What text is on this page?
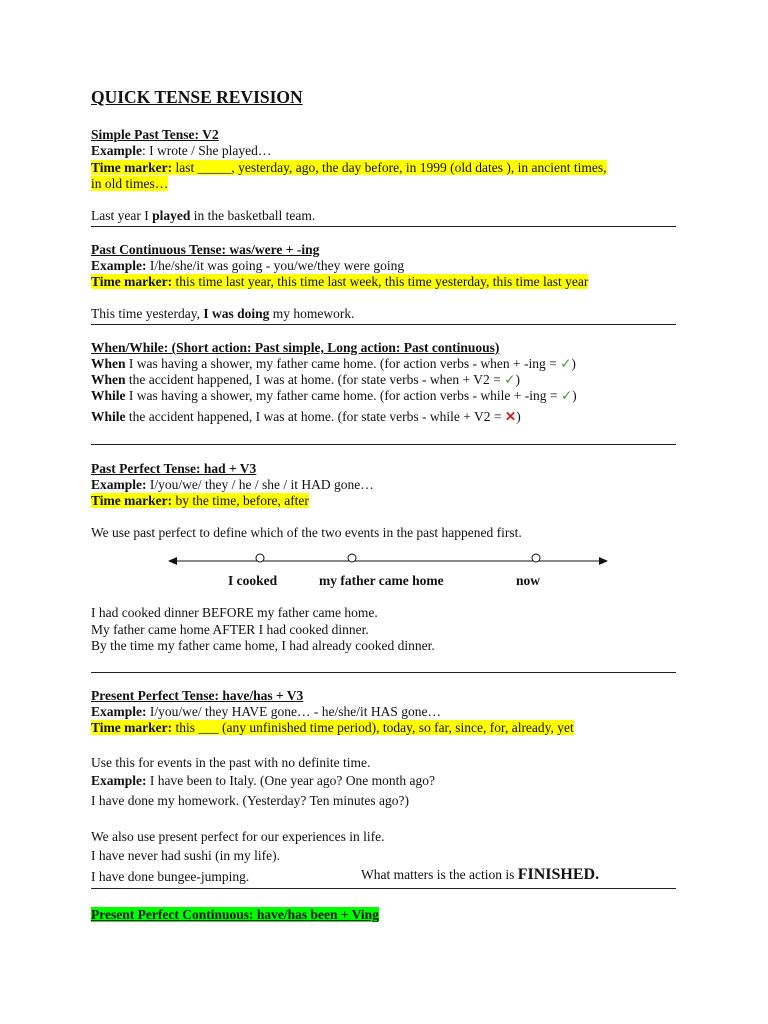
QUICK TENSE REVISION
Simple Past Tense: V2
Example: I wrote / She played…
Time marker: last _____, yesterday, ago, the day before, in 1999 (old dates ), in ancient times,
in old times…
Last year I played in the basketball team.
Past Continuous Tense: was/were + -ing
Example: I/he/she/it was going - you/we/they were going
Time marker: this time last year, this time last week, this time yesterday, this time last year
This time yesterday, I was doing my homework.
When/While: (Short action: Past simple, Long action: Past continuous)
When I was having a shower, my father came home. (for action verbs - when + -ing = ✓)
When the accident happened, I was at home. (for state verbs - when + V2 = ✓)
While I was having a shower, my father came home. (for action verbs - while + -ing = ✓)
While the accident happened, I was at home. (for state verbs - while + V2 = ✕)
Past Perfect Tense: had + V3
Example: I/you/we/ they / he / she / it HAD gone…
Time marker: by the time, before, after
We use past perfect to define which of the two events in the past happened first.
I cooked	my father came home	now
I had cooked dinner BEFORE my father came home.
My father came home AFTER I had cooked dinner.
By the time my father came home, I had already cooked dinner.
Present Perfect Tense: have/has + V3
Example: I/you/we/ they HAVE gone… - he/she/it HAS gone…
Time marker: this ___ (any unfinished time period), today, so far, since, for, already, yet
Use this for events in the past with no definite time.
Example: I have been to Italy. (One year ago? One month ago?
I have done my homework. (Yesterday? Ten minutes ago?)
We also use present perfect for our experiences in life.
I have never had sushi (in my life).
I have done bungee-jumping.	What matters is the action is FINISHED.
Present Perfect Continuous: have/has been + Ving
